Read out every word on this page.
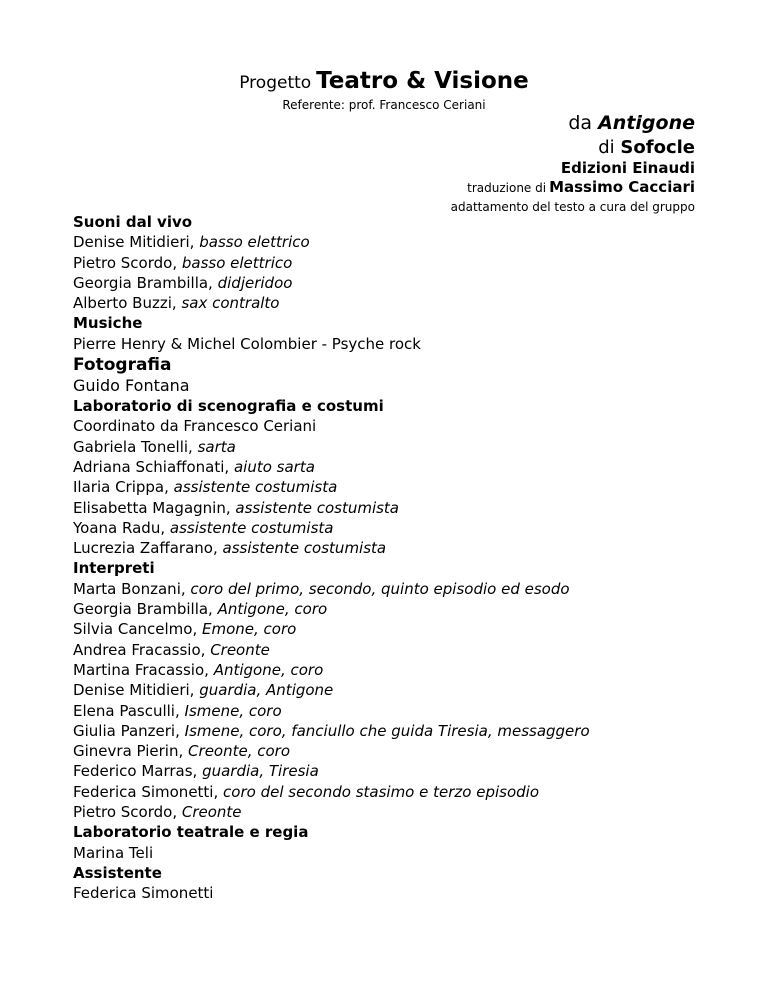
Progetto Teatro & Visione
Referente: prof. Francesco Ceriani
da Antigone
di Sofocle
Edizioni Einaudi
traduzione di Massimo Cacciari
adattamento del testo a cura del gruppo
Suoni dal vivo
Denise Mitidieri, basso elettrico
Pietro Scordo, basso elettrico
Georgia Brambilla, didjeridoo
Alberto Buzzi, sax contralto
Musiche
Pierre Henry & Michel Colombier - Psyche rock
Fotografia
Guido Fontana
Laboratorio di scenografia e costumi
Coordinato da Francesco Ceriani
Gabriela Tonelli, sarta
Adriana Schiaffonati, aiuto sarta
Ilaria Crippa, assistente costumista
Elisabetta Magagnin, assistente costumista
Yoana Radu, assistente costumista
Lucrezia Zaffarano, assistente costumista
Interpreti
Marta Bonzani, coro del primo, secondo, quinto episodio ed esodo
Georgia Brambilla, Antigone, coro
Silvia Cancelmo, Emone, coro
Andrea Fracassio, Creonte
Martina Fracassio, Antigone, coro
Denise Mitidieri, guardia, Antigone
Elena Pasculli, Ismene, coro
Giulia Panzeri, Ismene, coro, fanciullo che guida Tiresia, messaggero
Ginevra Pierin, Creonte, coro
Federico Marras, guardia, Tiresia
Federica Simonetti, coro del secondo stasimo e terzo episodio
Pietro Scordo, Creonte
Laboratorio teatrale e regia
Marina Teli
Assistente
Federica Simonetti
